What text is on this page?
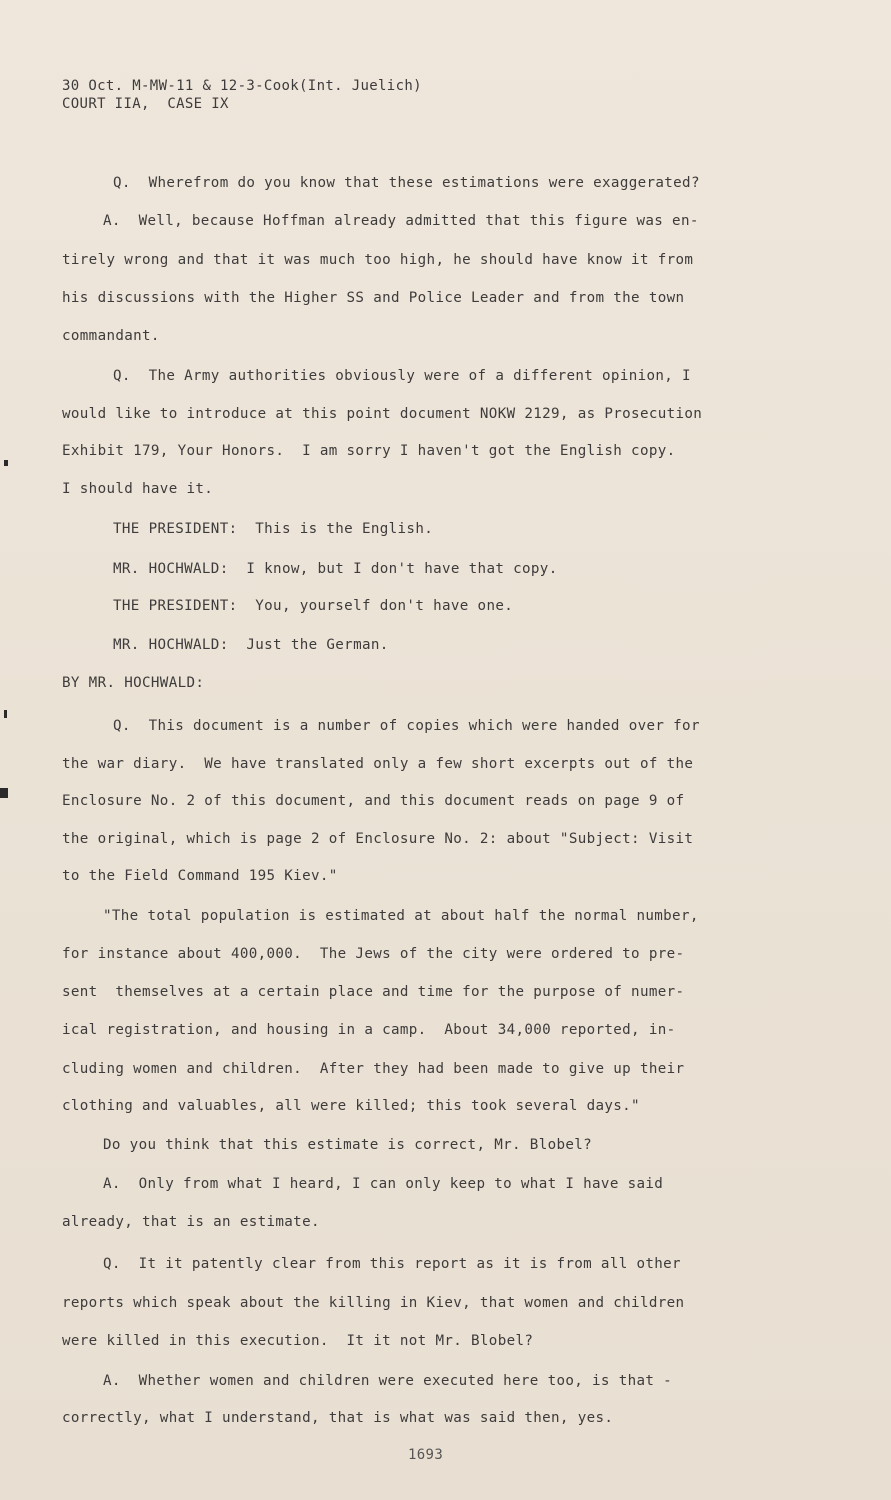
30 Oct. M-MW-11 & 12-3-Cook(Int. Juelich)
COURT IIA,  CASE IX
Q.  Wherefrom do you know that these estimations were exaggerated?
A.  Well, because Hoffman already admitted that this figure was en-
tirely wrong and that it was much too high, he should have know it from
his discussions with the Higher SS and Police Leader and from the town
commandant.
Q.  The Army authorities obviously were of a different opinion, I
would like to introduce at this point document NOKW 2129, as Prosecution
Exhibit 179, Your Honors.  I am sorry I haven't got the English copy.
I should have it.
THE PRESIDENT:  This is the English.
MR. HOCHWALD:  I know, but I don't have that copy.
THE PRESIDENT:  You, yourself don't have one.
MR. HOCHWALD:  Just the German.
BY MR. HOCHWALD:
Q.  This document is a number of copies which were handed over for
the war diary.  We have translated only a few short excerpts out of the
Enclosure No. 2 of this document, and this document reads on page 9 of
the original, which is page 2 of Enclosure No. 2: about "Subject: Visit
to the Field Command 195 Kiev."
"The total population is estimated at about half the normal number,
for instance about 400,000.  The Jews of the city were ordered to pre-
sent  themselves at a certain place and time for the purpose of numer-
ical registration, and housing in a camp.  About 34,000 reported, in-
cluding women and children.  After they had been made to give up their
clothing and valuables, all were killed; this took several days."
Do you think that this estimate is correct, Mr. Blobel?
A.  Only from what I heard, I can only keep to what I have said
already, that is an estimate.
Q.  It it patently clear from this report as it is from all other
reports which speak about the killing in Kiev, that women and children
were killed in this execution.  It it not Mr. Blobel?
A.  Whether women and children were executed here too, is that -
correctly, what I understand, that is what was said then, yes.
1693
